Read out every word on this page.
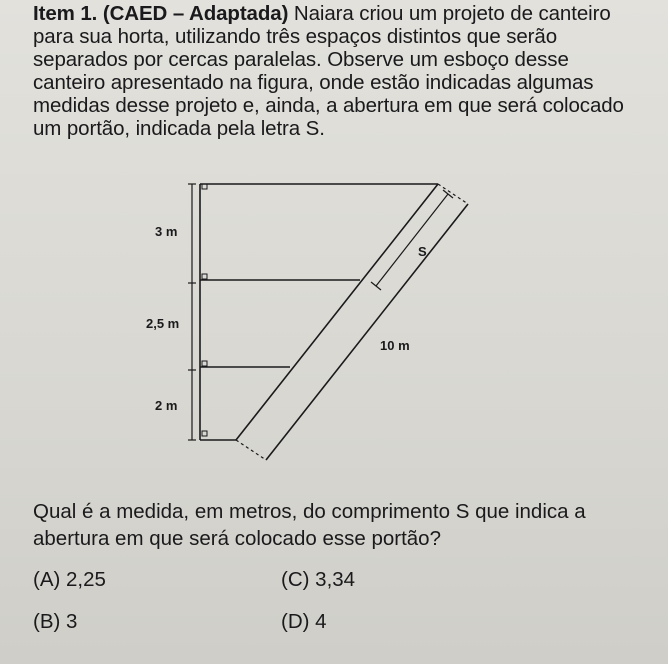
Item 1. (CAED – Adaptada) Naiara criou um projeto de canteiro para sua horta, utilizando três espaços distintos que serão separados por cercas paralelas. Observe um esboço desse canteiro apresentado na figura, onde estão indicadas algumas medidas desse projeto e, ainda, a abertura em que será colocado um portão, indicada pela letra S.
3 m
2,5 m
2 m
S
10 m
Qual é a medida, em metros, do comprimento S que indica a abertura em que será colocado esse portão?
(A) 2,25
(B) 3
(C) 3,34
(D) 4
